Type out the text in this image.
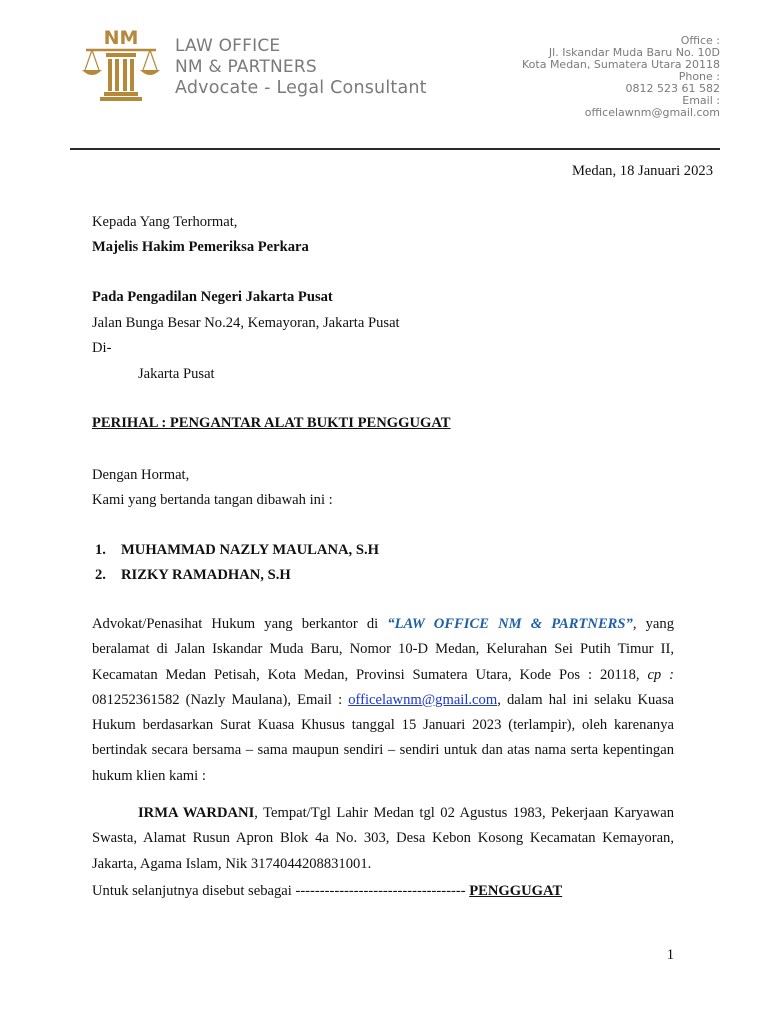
NM LAW OFFICE
NM & PARTNERS
Advocate - Legal Consultant
Office :
Jl. Iskandar Muda Baru No. 10D
Kota Medan, Sumatera Utara 20118
Phone :
0812 523 61 582
Email :
officelawnm@gmail.com
Medan, 18 Januari 2023
Kepada Yang Terhormat,
Majelis Hakim Pemeriksa Perkara
Pada Pengadilan Negeri Jakarta Pusat
Jalan Bunga Besar No.24, Kemayoran, Jakarta Pusat
Di-
Jakarta Pusat
PERIHAL : PENGANTAR ALAT BUKTI PENGGUGAT
Dengan Hormat,
Kami yang bertanda tangan dibawah ini :
1. MUHAMMAD NAZLY MAULANA, S.H
2. RIZKY RAMADHAN, S.H
Advokat/Penasihat Hukum yang berkantor di “LAW OFFICE NM & PARTNERS”, yang beralamat di Jalan Iskandar Muda Baru, Nomor 10-D Medan, Kelurahan Sei Putih Timur II, Kecamatan Medan Petisah, Kota Medan, Provinsi Sumatera Utara, Kode Pos : 20118, cp : 081252361582 (Nazly Maulana), Email : officelawnm@gmail.com, dalam hal ini selaku Kuasa Hukum berdasarkan Surat Kuasa Khusus tanggal 15 Januari 2023 (terlampir), oleh karenanya bertindak secara bersama – sama maupun sendiri – sendiri untuk dan atas nama serta kepentingan hukum klien kami :
IRMA WARDANI, Tempat/Tgl Lahir Medan tgl 02 Agustus 1983, Pekerjaan Karyawan Swasta, Alamat Rusun Apron Blok 4a No. 303, Desa Kebon Kosong Kecamatan Kemayoran, Jakarta, Agama Islam, Nik 3174044208831001.
Untuk selanjutnya disebut sebagai ----------------------------------- PENGGUGAT
1
